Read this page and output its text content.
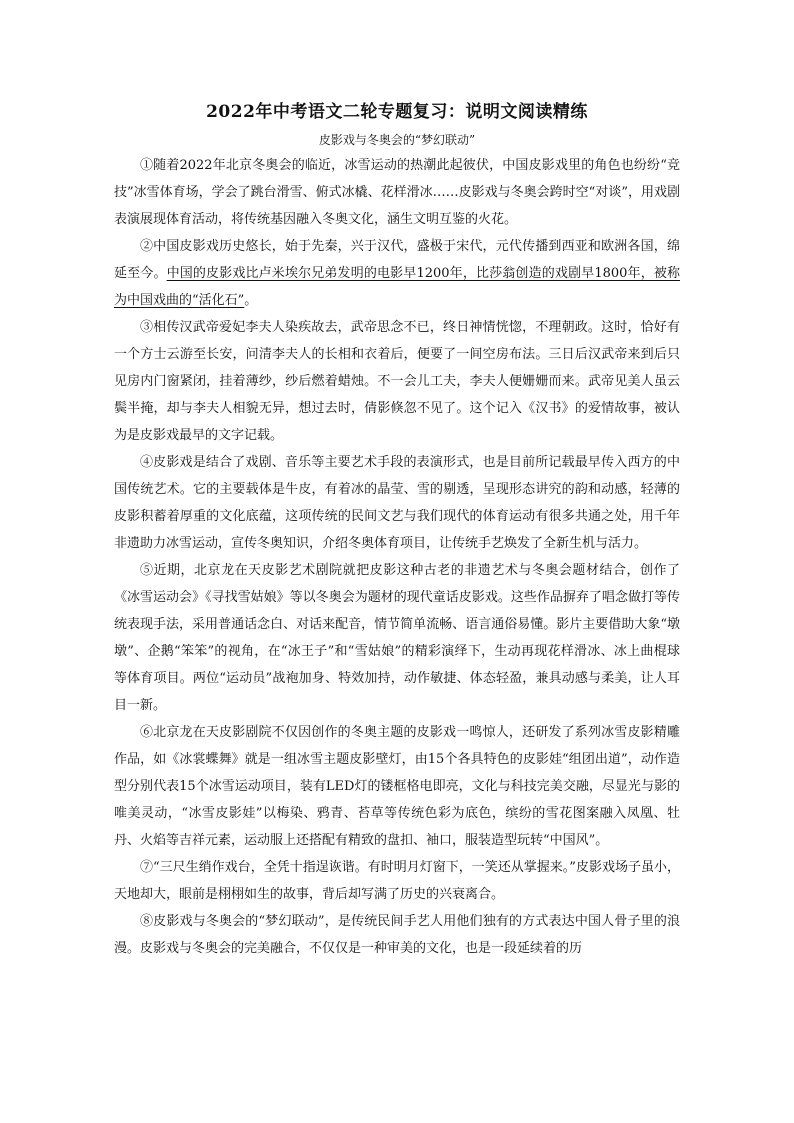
2022年中考语文二轮专题复习：说明文阅读精练
皮影戏与冬奥会的“梦幻联动”

①随着2022年北京冬奥会的临近，冰雪运动的热潮此起彼伏，中国皮影戏里的角色也纷纷“竞技”冰雪体育场，学会了跳台滑雪、俯式冰橇、花样滑冰……皮影戏与冬奥会跨时空“对谈”，用戏剧表演展现体育活动，将传统基因融入冬奥文化，涵生文明互鉴的火花。

②中国皮影戏历史悠长，始于先秦，兴于汉代，盛极于宋代，元代传播到西亚和欧洲各国，绵延至今。中国的皮影戏比卢米埃尔兄弟发明的电影早1200年，比莎翁创造的戏剧早1800年，被称为中国戏曲的“活化石”。

③相传汉武帝爱妃李夫人染疾故去，武帝思念不已，终日神情恍惚，不理朝政。这时，恰好有一个方士云游至长安，问清李夫人的长相和衣着后，便要了一间空房布法。三日后汉武帝来到后只见房内门窗紧闭，挂着薄纱，纱后燃着蜡烛。不一会儿工夫，李夫人便姗姗而来。武帝见美人虽云鬓半掩，却与李夫人相貌无异，想过去时，倩影倏忽不见了。这个记入《汉书》的爱情故事，被认为是皮影戏最早的文字记载。

④皮影戏是结合了戏剧、音乐等主要艺术手段的表演形式，也是目前所记载最早传入西方的中国传统艺术。它的主要载体是牛皮，有着冰的晶莹、雪的剔透，呈现形态讲究的韵和动感，轻薄的皮影积蓄着厚重的文化底蕴，这项传统的民间文艺与我们现代的体育运动有很多共通之处，用千年非遗助力冰雪运动，宣传冬奥知识，介绍冬奥体育项目，让传统手艺焕发了全新生机与活力。

⑤近期，北京龙在天皮影艺术剧院就把皮影这种古老的非遗艺术与冬奥会题材结合，创作了《冰雪运动会》《寻找雪姑娘》等以冬奥会为题材的现代童话皮影戏。这些作品摒弃了唱念做打等传统表现手法，采用普通话念白、对话来配音，情节简单流畅、语言通俗易懂。影片主要借助大象“墩墩”、企鹅“笨笨”的视角，在“冰王子”和“雪姑娘”的精彩演绎下，生动再现花样滑冰、冰上曲棍球等体育项目。两位“运动员”战袍加身、特效加持，动作敏捷、体态轻盈，兼具动感与柔美，让人耳目一新。

⑥北京龙在天皮影剧院不仅因创作的冬奥主题的皮影戏一鸣惊人，还研发了系列冰雪皮影精雕作品，如《冰裳蝶舞》就是一组冰雪主题皮影壁灯，由15个各具特色的皮影娃“组团出道”，动作造型分别代表15个冰雪运动项目，装有LED灯的镂框格电即亮，文化与科技完美交融，尽显光与影的唯美灵动，“冰雪皮影娃”以梅染、鸦青、苔草等传统色彩为底色，缤纷的雪花图案融入凤凰、牡丹、火焰等吉祥元素，运动服上还搭配有精致的盘扣、袖口，服装造型玩转“中国风”。

⑦“三尺生绡作戏台，全凭十指逞诙谐。有时明月灯窗下，一笑还从掌握来。”皮影戏场子虽小，天地却大，眼前是栩栩如生的故事，背后却写满了历史的兴衰离合。

⑧皮影戏与冬奥会的“梦幻联动”，是传统民间手艺人用他们独有的方式表达中国人骨子里的浪漫。皮影戏与冬奥会的完美融合，不仅仅是一种审美的文化，也是一段延续着的历
